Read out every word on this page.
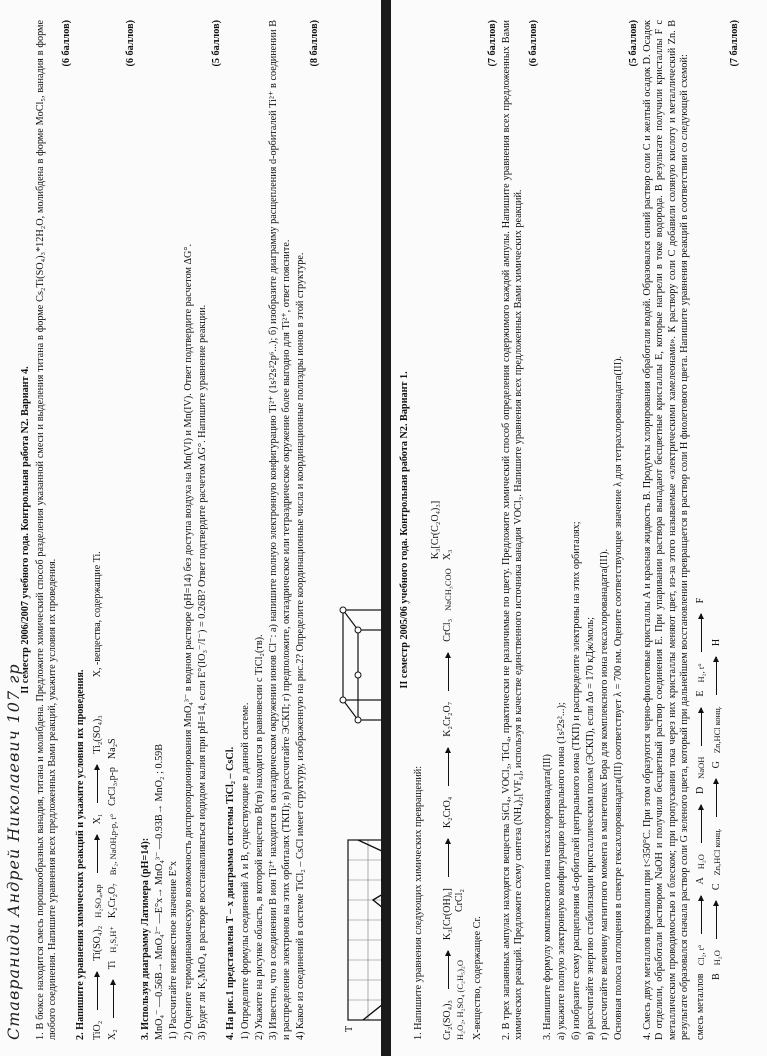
Ставраниди Андрей Николаевич 107 гр
II семестр 2006/2007 учебного года. Контрольная работа N2. Вариант 4. 1. В бюксе находится смесь порошкообразных ванадия, титана и молибдена. Предложите химический способ разделения указанной смеси и выделения титана в форме Cs₂Ti(SO₄)₃*12H₂O, молибдена в форме MoCl₅, ванадия в форме любого соединения. Напишите уравнения всех предложенных Вами реакций, укажите условия их проведения.
(6 баллов)
2. Напишите уравнения химических реакций и укажите условия их проведения. TiO₂
Ti(SO₄)₂
H₂SO₄,кр
X₁
Ti₂(SO₄)₃
Х, -вещества, содержащие Ti.
X₂
Ti
H₂S,H⁺
K₂Cr₂O₇
Br₂, NaOH,p-p, t°
CrCl₃,p-p
Na₂S
(6 баллов)
3. Используя диаграмму Латимера (pH=14): MnO₄⁻ —0.56B→ MnO₄²⁻ —E°x→ MnO₄³⁻ —0.93B→ MnO₂ ; 0.59B 1) Рассчитайте неизвестное значение E°x 2) Оцените термодинамическую возможность диспропорционирования MnO₄³⁻ в водном растворе (pH=14) без доступа воздуха на Mn(VI) и Mn(IV). Ответ подтвердите расчетом ΔG°. 3) Будет ли K₂MnO₄ в растворе восстанавливаться иодидом калия при pH=14, если E°(IO₃⁻/I⁻) = 0.26B? Ответ подтвердите расчетом ΔG°. Напишите уравнение реакции.
(5 баллов)
4. На рис.1 представлена T – x диаграмма системы TiCl₂ – CsCl. 1) Определите формулы соединений А и В, существующие в данной системе. 2) Укажите на рисунке область, в которой вещество В(тв) находится в равновесии с TiCl₂(тв). 3) Известно, что в соединении В ион Ti²⁺ находится в октаэдрическом окружении ионов Cl⁻: а) напишите полную электронную конфигурацию Ti²⁺ (1s²2s²2p⁶...); б) изобразите диаграмму расщепления d-орбиталей Ti²⁺ в соединении В и распределение электронов на этих орбиталях (ТКП); в) рассчитайте ЭСКП; г) предположите, октаэдрическое или тетраэдрическое окружение более выгодно для Ti²⁺, ответ поясните. 4) Какое из соединений в системе TiCl₂ – CsCl имеет структуру, изображенную на рис.2? Определите координационные числа и координационные полиэдры ионов в этой структуре.
(8 баллов)
T
II семестр 2005/06 учебного года. Контрольная работа N2. Вариант 1.
1. Напишите уравнения следующих химических превращений:
K₃[Cr(C₂O₄)₃]
Cr₂(SO₄)₃
K₃[Cr(OH)₆]
K₂CrO₄
K₂Cr₂O₇
CrCl₃
NaCH₃COO
X₃
H₂O₂, H₂SO₄ (C₂H₅)₂O
CrCl₂
X-вещество, содержащее Cr.
(7 баллов) 2. В трех запаянных ампулах находятся вещества SiCl₄, VOCl₃, TiCl₄, практически не различимые по цвету. Предложите химический способ определения содержимого каждой ампулы. Напишите уравнения всех предложенных Вами химических реакций. Предложите схему синтеза (NH₄)₂[VF₆], используя в качестве единственного источника ванадия VOCl₃. Напишите уравнения всех предложенных Вами химических реакций.
(6 баллов)
3. Напишите формулу комплексного иона гексахлорованадата(III) а) укажите полную электронную конфигурацию центрального иона (1s²2s²...); б) изобразите схему расщепления d-орбиталей центрального иона (ТКП) и распределите электроны на этих орбиталях; в) рассчитайте энергию стабилизации кристаллическим полем (ЭСКП), если Δo = 170 кДж/моль; г) рассчитайте величину магнитного момента в магнетонах Бора для комплексного иона гексахлорованадата(III). Основная полоса поглощения в спектре гексахлорованадата(III) соответствует λ = 700 нм. Оцените соответствующее значение λ для тетрахлорованадата(III).
(5 баллов) 4. Смесь двух металлов прокалили при t<350°С. При этом образуются черно-фиолетовые кристаллы А и красная жидкость В. Продукты хлорирования обработали водой. Образовался синий раствор соли С и желтый осадок D. Осадок D отделили, обработали раствором NaOH и получили бесцветный раствор соединения Е. При упаривании раствора выпадают бесцветные кристаллы Е, которые нагрели в токе водорода. В результате получили кристаллы F с металлическим проводимостью и блеском; при пропускании тока через них кристаллы меняют цвет, из-за этого называемые «электрическими хамелеонами». К раствору соли С добавили соляную кислоту и металлический Zn. В результате образовался сначала раствор соли G зеленого цвета, который при дальнейшем восстановлении превращается в раствор соли Н фиолетового цвета. Напишите уравнения реакций в соответствии со следующей схемой: смесь металлов
Cl₂, t°
A
H₂O
D
NaOH
E
H₂, t°
F
B
H₂O
C
Zn,HCl конц.
G
Zn,HCl конц.
H
(7 баллов)
